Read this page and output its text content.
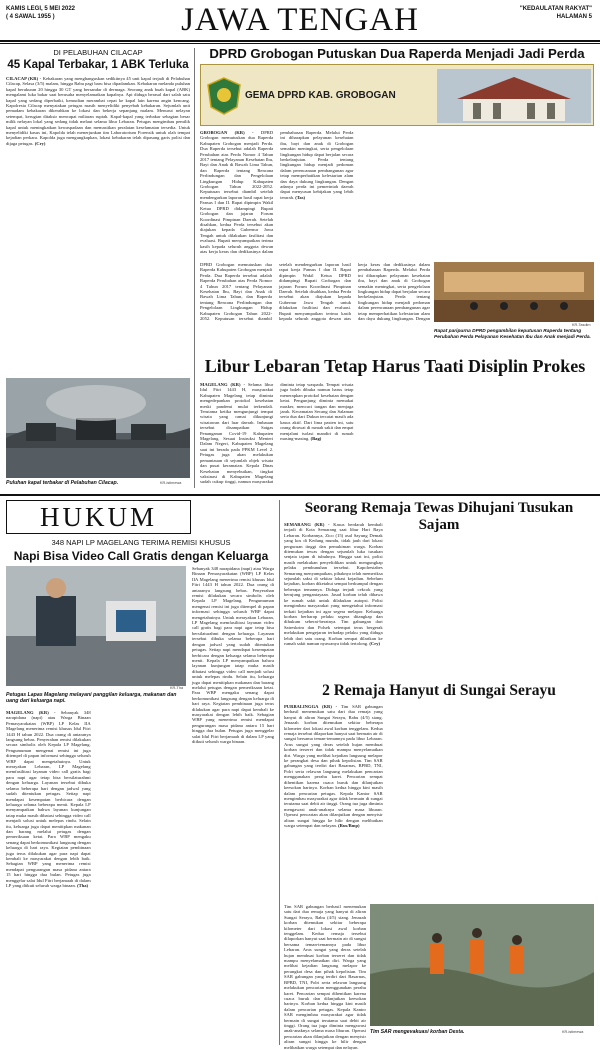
KAMIS LEGI, 5 MEI 2022
( 4 SAWAL 1955 )	JAWA TENGAH	"KEDAULATAN RAKYAT"
HALAMAN 5
DI PELABUHAN CILACAP
45 Kapal Terbakar, 1 ABK Terluka
CILACAP (KR) - Kebakaran yang menghanguskan sedikitnya 45 unit kapal terjadi di Pelabuhan Cilacap, Selasa (3/5) malam, hingga Rabu pagi baru bisa dipadamkan. Kebakaran melanda puluhan kapal berukuran 20 hingga 30 GT yang bersandar di dermaga. Seorang anak buah kapal (ABK) mengalami luka bakar saat berusaha menyelamatkan kapalnya. Api diduga berasal dari salah satu kapal yang sedang diperbaiki, kemudian merambat cepat ke kapal lain karena angin kencang. Kapolresta Cilacap menyatakan petugas masih menyelidiki penyebab kebakaran. Sejumlah unit pemadam kebakaran dikerahkan ke lokasi dan bekerja sepanjang malam. Menurut nelayan setempat, kerugian ditaksir mencapai miliaran rupiah. Kapal-kapal yang terbakar sebagian besar milik nelayan lokal yang sedang tidak melaut selama libur Lebaran. Petugas mengimbau pemilik kapal untuk meningkatkan kewaspadaan dan memastikan peralatan keselamatan tersedia. Untuk menyelidiki kasus ini, Kapolda telah menerjunkan tim Laboratorium Forensik untuk olah tempat kejadian perkara. Kapolda juga mengungkapkan, lokasi kebakaran telah dipasang garis polisi dan dijaga petugas. (Cry)
Puluhan kapal terbakar di Pelabuhan Cilacap.	KR-istimewa
DPRD Grobogan Putuskan Dua Raperda Menjadi Jadi Perda
GEMA DPRD KAB. GROBOGAN
GROBOGAN (KR) - DPRD Grobogan memutuskan dua Raperda Kabupaten Grobogan menjadi Perda. Dua Raperda tersebut adalah Raperda Perubahan atas Perda Nomor 4 Tahun 2017 tentang Pelayanan Kesehatan Ibu, Bayi dan Anak di Bawah Lima Tahun, dan Raperda tentang Rencana Perlindungan dan Pengelolaan Lingkungan Hidup Kabupaten Grobogan Tahun 2022-2052. Keputusan tersebut diambil setelah mendengarkan laporan hasil rapat kerja Pansus I dan II. Rapat dipimpin Wakil Ketua DPRD didampingi Bupati Grobogan dan jajaran Forum Koordinasi Pimpinan Daerah. Setelah disahkan, kedua Perda tersebut akan diajukan kepada Gubernur Jawa Tengah untuk dilakukan fasilitasi dan evaluasi. Bupati menyampaikan terima kasih kepada seluruh anggota dewan atas kerja keras dan dedikasinya dalam pembahasan Raperda. Melalui Perda ini diharapkan pelayanan kesehatan ibu, bayi dan anak di Grobogan semakin meningkat, serta pengelolaan lingkungan hidup dapat berjalan secara berkelanjutan. Perda tentang lingkungan hidup menjadi pedoman dalam perencanaan pembangunan agar tetap memperhatikan kelestarian alam dan daya dukung lingkungan. Dengan adanya perda ini pemerintah daerah dapat menyusun kebijakan yang lebih terarah. (Tas)
DPRD Grobogan memutuskan dua Raperda Kabupaten Grobogan menjadi Perda. Dua Raperda tersebut adalah Raperda Perubahan atas Perda Nomor 4 Tahun 2017 tentang Pelayanan Kesehatan Ibu, Bayi dan Anak di Bawah Lima Tahun, dan Raperda tentang Rencana Perlindungan dan Pengelolaan Lingkungan Hidup Kabupaten Grobogan Tahun 2022-2052. Keputusan tersebut diambil setelah mendengarkan laporan hasil rapat kerja Pansus I dan II. Rapat dipimpin Wakil Ketua DPRD didampingi Bupati Grobogan dan jajaran Forum Koordinasi Pimpinan Daerah. Setelah disahkan, kedua Perda tersebut akan diajukan kepada Gubernur Jawa Tengah untuk dilakukan fasilitasi dan evaluasi. Bupati menyampaikan terima kasih kepada seluruh anggota dewan atas kerja keras dan dedikasinya dalam pembahasan Raperda. Melalui Perda ini diharapkan pelayanan kesehatan ibu, bayi dan anak di Grobogan semakin meningkat, serta pengelolaan lingkungan hidup dapat berjalan secara berkelanjutan. Perda tentang lingkungan hidup menjadi pedoman dalam perencanaan pembangunan agar tetap memperhatikan kelestarian alam dan daya dukung lingkungan. Dengan
KR-Tasdim
Rapat paripurna DPRD pengambilan keputusan Raperda tentang Perubahan Perda Pelayanan Kesehatan Ibu dan Anak menjadi Perda.
Libur Lebaran Tetap Harus Taati Disiplin Prokes
MAGELANG (KR) - Selama libur Idul Fitri 1443 H, masyarakat Kabupaten Magelang tetap diminta mengedepankan protokol kesehatan meski pandemi mulai terkendali. Terutama ketika mengunjungi tempat wisata yang ramai dikunjungi wisatawan dari luar daerah. Imbauan tersebut disampaikan Satgas Penanganan Covid-19 Kabupaten Magelang. Sesuai Instruksi Menteri Dalam Negeri, Kabupaten Magelang saat ini berada pada PPKM Level 2. Petugas juga akan melakukan pemantauan di sejumlah objek wisata dan pusat keramaian. Kepala Dinas Kesehatan menyebutkan, tingkat vaksinasi di Kabupaten Magelang sudah cukup tinggi, namun masyarakat diminta tetap waspada. Tempat wisata juga boleh dibuka namun harus tetap menerapkan protokol kesehatan dengan ketat. Pengunjung diminta memakai masker, mencuci tangan dan menjaga jarak. Kecamatan Secang dan Salaman serta dua dari Dukun tercatat masih ada kasus aktif. Dari lima pasien ini, satu orang dirawat di rumah sakit dan empat menjalani isolasi mandiri di rumah masing-masing. (Bag)
HUKUM
348 NAPI LP MAGELANG TERIMA REMISI KHUSUS
Napi Bisa Video Call Gratis dengan Keluarga
KR-Tha
Petugas Lapas Magelang melayani panggilan keluarga, makanan dan uang dari keluarga napi.
MAGELANG (KR) - Sebanyak 348 narapidana (napi) atau Warga Binaan Pemasyarakatan (WBP) LP Kelas IIA Magelang menerima remisi khusus Idul Fitri 1443 H tahun 2022. Dua orang di antaranya langsung bebas. Penyerahan remisi dilakukan secara simbolis oleh Kepala LP Magelang. Pengumuman mengenai remisi ini juga ditempel di papan informasi sehingga seluruh WBP dapat mengetahuinya. Untuk merayakan Lebaran, LP Magelang memfasilitasi layanan video call gratis bagi para napi agar tetap bisa bersilaturahmi dengan keluarga. Layanan tersebut dibuka selama beberapa hari dengan jadwal yang sudah ditentukan petugas. Setiap napi mendapat kesempatan berbicara dengan keluarga selama beberapa menit. Kepala LP menyampaikan bahwa layanan kunjungan tatap muka masih dibatasi sehingga video call menjadi solusi untuk melepas rindu. Selain itu, keluarga juga dapat menitipkan makanan dan barang melalui petugas dengan pemeriksaan ketat. Para WBP mengaku senang dapat berkomunikasi langsung dengan keluarga di hari raya. Kegiatan pembinaan juga terus dilakukan agar para napi dapat kembali ke masyarakat dengan lebih baik. Sebagian WBP yang menerima remisi mendapat pengurangan masa pidana antara 15 hari hingga dua bulan. Petugas juga menggelar salat Idul Fitri berjamaah di dalam LP yang diikuti seluruh warga binaan. (Tha)
Sebanyak 348 narapidana (napi) atau Warga Binaan Pemasyarakatan (WBP) LP Kelas IIA Magelang menerima remisi khusus Idul Fitri 1443 H tahun 2022. Dua orang di antaranya langsung bebas. Penyerahan remisi dilakukan secara simbolis oleh Kepala LP Magelang. Pengumuman mengenai remisi ini juga ditempel di papan informasi sehingga seluruh WBP dapat mengetahuinya. Untuk merayakan Lebaran, LP Magelang memfasilitasi layanan video call gratis bagi para napi agar tetap bisa bersilaturahmi dengan keluarga. Layanan tersebut dibuka selama beberapa hari dengan jadwal yang sudah ditentukan petugas. Setiap napi mendapat kesempatan berbicara dengan keluarga selama beberapa menit. Kepala LP menyampaikan bahwa layanan kunjungan tatap muka masih dibatasi sehingga video call menjadi solusi untuk melepas rindu. Selain itu, keluarga juga dapat menitipkan makanan dan barang melalui petugas dengan pemeriksaan ketat. Para WBP mengaku senang dapat berkomunikasi langsung dengan keluarga di hari raya. Kegiatan pembinaan juga terus dilakukan agar para napi dapat kembali ke masyarakat dengan lebih baik. Sebagian WBP yang menerima remisi mendapat pengurangan masa pidana antara 15 hari hingga dua bulan. Petugas juga menggelar salat Idul Fitri berjamaah di dalam LP yang diikuti seluruh warga binaan.
Seorang Remaja Tewas Dihujani Tusukan Sajam
SEMARANG (KR) - Kasus berdarah kembali terjadi di Kota Semarang saat libur Hari Raya Lebaran. Korbannya, Zico (15) asal Sayung Demak yang kos di Kedung mundu, tidak jauh dari lokasi perguruan tinggi dan pemukiman warga. Korban ditemukan tewas dengan sejumlah luka tusukan senjata tajam di tubuhnya. Hingga saat ini, polisi masih melakukan penyelidikan untuk mengungkap pelaku pembunuhan tersebut. Kapolrestabes Semarang menyampaikan, pihaknya telah memeriksa sejumlah saksi di sekitar lokasi kejadian. Sebelum kejadian, korban diketahui sempat berkumpul dengan beberapa temannya. Diduga terjadi cekcok yang berujung penganiayaan. Jasad korban telah dibawa ke rumah sakit untuk dilakukan autopsi. Polisi mengimbau masyarakat yang mengetahui informasi terkait kejadian ini agar segera melapor. Keluarga korban berharap pelaku segera ditangkap dan dihukum seberat-beratnya. Tim gabungan dari Satreskrim dan Polsek setempat terus bergerak melakukan pengejaran terhadap pelaku yang diduga lebih dari satu orang. Korban sempat dilarikan ke rumah sakit namun nyawanya tidak tertolong. (Cry)
2 Remaja Hanyut di Sungai Serayu
PURBALINGGA (KR) - Tim SAR gabungan berhasil menemukan satu dari dua remaja yang hanyut di aliran Sungai Serayu, Rabu (4/5) siang. Jenazah korban ditemukan sekitar beberapa kilometer dari lokasi awal korban tenggelam. Kedua remaja tersebut dilaporkan hanyut saat bermain air di sungai bersama teman-temannya pada libur Lebaran. Arus sungai yang deras setelah hujan membuat korban terseret dan tidak mampu menyelamatkan diri. Warga yang melihat kejadian langsung melapor ke perangkat desa dan pihak kepolisian. Tim SAR gabungan yang terdiri dari Basarnas, BPBD, TNI, Polri serta relawan langsung melakukan pencarian menggunakan perahu karet. Pencarian sempat dihentikan karena cuaca buruk dan dilanjutkan keesokan harinya. Korban kedua hingga kini masih dalam pencarian petugas. Kepala Kantor SAR mengimbau masyarakat agar tidak bermain di sungai terutama saat debit air tinggi. Orang tua juga diminta mengawasi anak-anaknya selama masa liburan. Operasi pencarian akan dilanjutkan dengan menyisir aliran sungai hingga ke hilir dengan melibatkan warga setempat dan nelayan. (Rus/Bmp)
Tim SAR mengevakuasi korban Desta.	KR-istimewa
Tim SAR gabungan berhasil menemukan satu dari dua remaja yang hanyut di aliran Sungai Serayu, Rabu (4/5) siang. Jenazah korban ditemukan sekitar beberapa kilometer dari lokasi awal korban tenggelam. Kedua remaja tersebut dilaporkan hanyut saat bermain air di sungai bersama teman-temannya pada libur Lebaran. Arus sungai yang deras setelah hujan membuat korban terseret dan tidak mampu menyelamatkan diri. Warga yang melihat kejadian langsung melapor ke perangkat desa dan pihak kepolisian. Tim SAR gabungan yang terdiri dari Basarnas, BPBD, TNI, Polri serta relawan langsung melakukan pencarian menggunakan perahu karet. Pencarian sempat dihentikan karena cuaca buruk dan dilanjutkan keesokan harinya. Korban kedua hingga kini masih dalam pencarian petugas. Kepala Kantor SAR mengimbau masyarakat agar tidak bermain di sungai terutama saat debit air tinggi. Orang tua juga diminta mengawasi anak-anaknya selama masa liburan. Operasi pencarian akan dilanjutkan dengan menyisir aliran sungai hingga ke hilir dengan melibatkan warga setempat dan nelayan.
